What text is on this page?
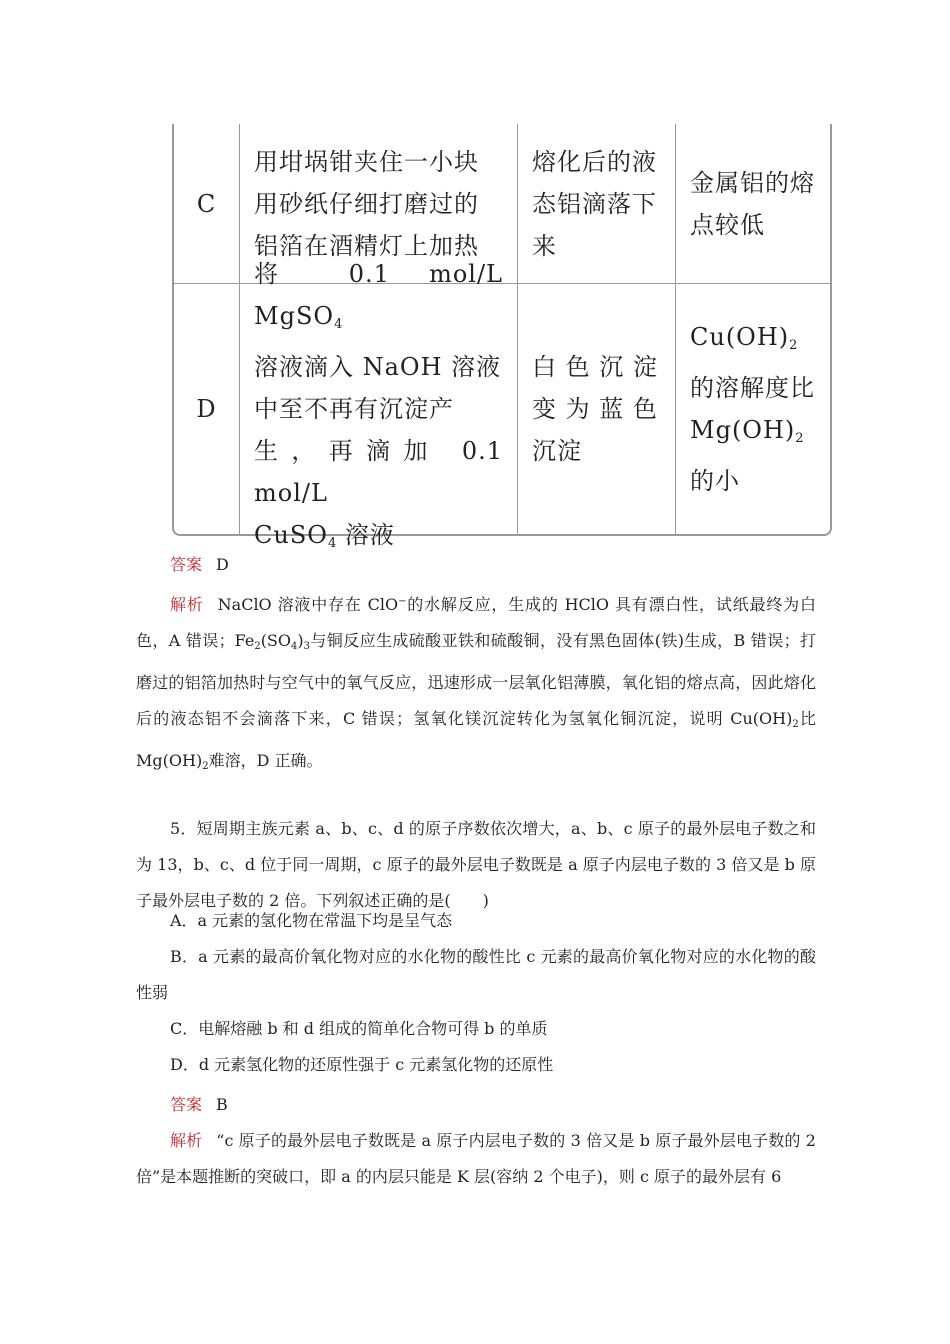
C
用坩埚钳夹住一小块
用砂纸仔细打磨过的
铝箔在酒精灯上加热
熔化后的液
态铝滴落下
来
金属铝的熔
点较低
D
将 0.1 mol/L MgSO$_4$
溶液滴入 NaOH 溶液
中至不再有沉淀产
生，再滴加 0.1 mol/L
CuSO$_4$ 溶液
白 色 沉 淀
变 为 蓝 色
沉淀
$Cu(OH)_2$
的溶解度比
$Mg(OH)_2$
的小

答案 D

解析 NaClO 溶液中存在 ClO−的水解反应，生成的 HClO 具有漂白性，试纸最终为白色，A 错误；Fe2(SO4)3与铜反应生成硫酸亚铁和硫酸铜，没有黑色固体(铁)生成，B 错误；打磨过的铝箔加热时与空气中的氧气反应，迅速形成一层氧化铝薄膜，氧化铝的熔点高，因此熔化后的液态铝不会滴落下来，C 错误；氢氧化镁沉淀转化为氢氧化铜沉淀，说明 Cu(OH)2比 Mg(OH)2难溶，D 正确。

5．短周期主族元素 a、b、c、d 的原子序数依次增大，a、b、c 原子的最外层电子数之和为 13，b、c、d 位于同一周期，c 原子的最外层电子数既是 a 原子内层电子数的 3 倍又是 b 原子最外层电子数的 2 倍。下列叙述正确的是(　　)

A．a 元素的氢化物在常温下均是呈气态

B．a 元素的最高价氧化物对应的水化物的酸性比 c 元素的最高价氧化物对应的水化物的酸性弱

C．电解熔融 b 和 d 组成的简单化合物可得 b 的单质

D．d 元素氢化物的还原性强于 c 元素氢化物的还原性

答案 B

解析 “c 原子的最外层电子数既是 a 原子内层电子数的 3 倍又是 b 原子最外层电子数的 2 倍”是本题推断的突破口，即 a 的内层只能是 K 层(容纳 2 个电子)，则 c 原子的最外层有 6
